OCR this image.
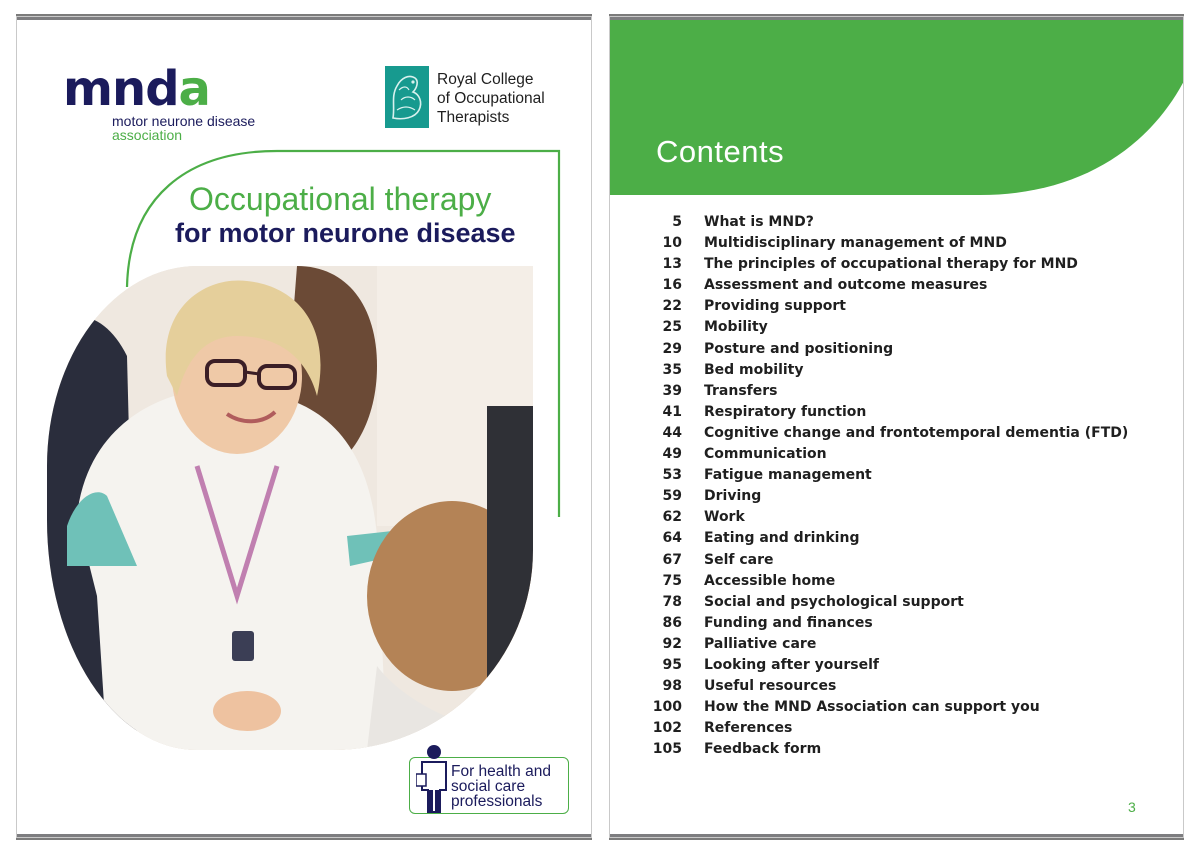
mnda
motor neurone disease
association
Royal College
of Occupational
Therapists
Occupational therapy
for motor neurone disease
For health and
social care
professionals
Contents
5 What is MND?
10 Multidisciplinary management of MND
13 The principles of occupational therapy for MND
16 Assessment and outcome measures
22 Providing support
25 Mobility
29 Posture and positioning
35 Bed mobility
39 Transfers
41 Respiratory function
44 Cognitive change and frontotemporal dementia (FTD)
49 Communication
53 Fatigue management
59 Driving
62 Work
64 Eating and drinking
67 Self care
75 Accessible home
78 Social and psychological support
86 Funding and finances
92 Palliative care
95 Looking after yourself
98 Useful resources
100 How the MND Association can support you
102 References
105 Feedback form
3
